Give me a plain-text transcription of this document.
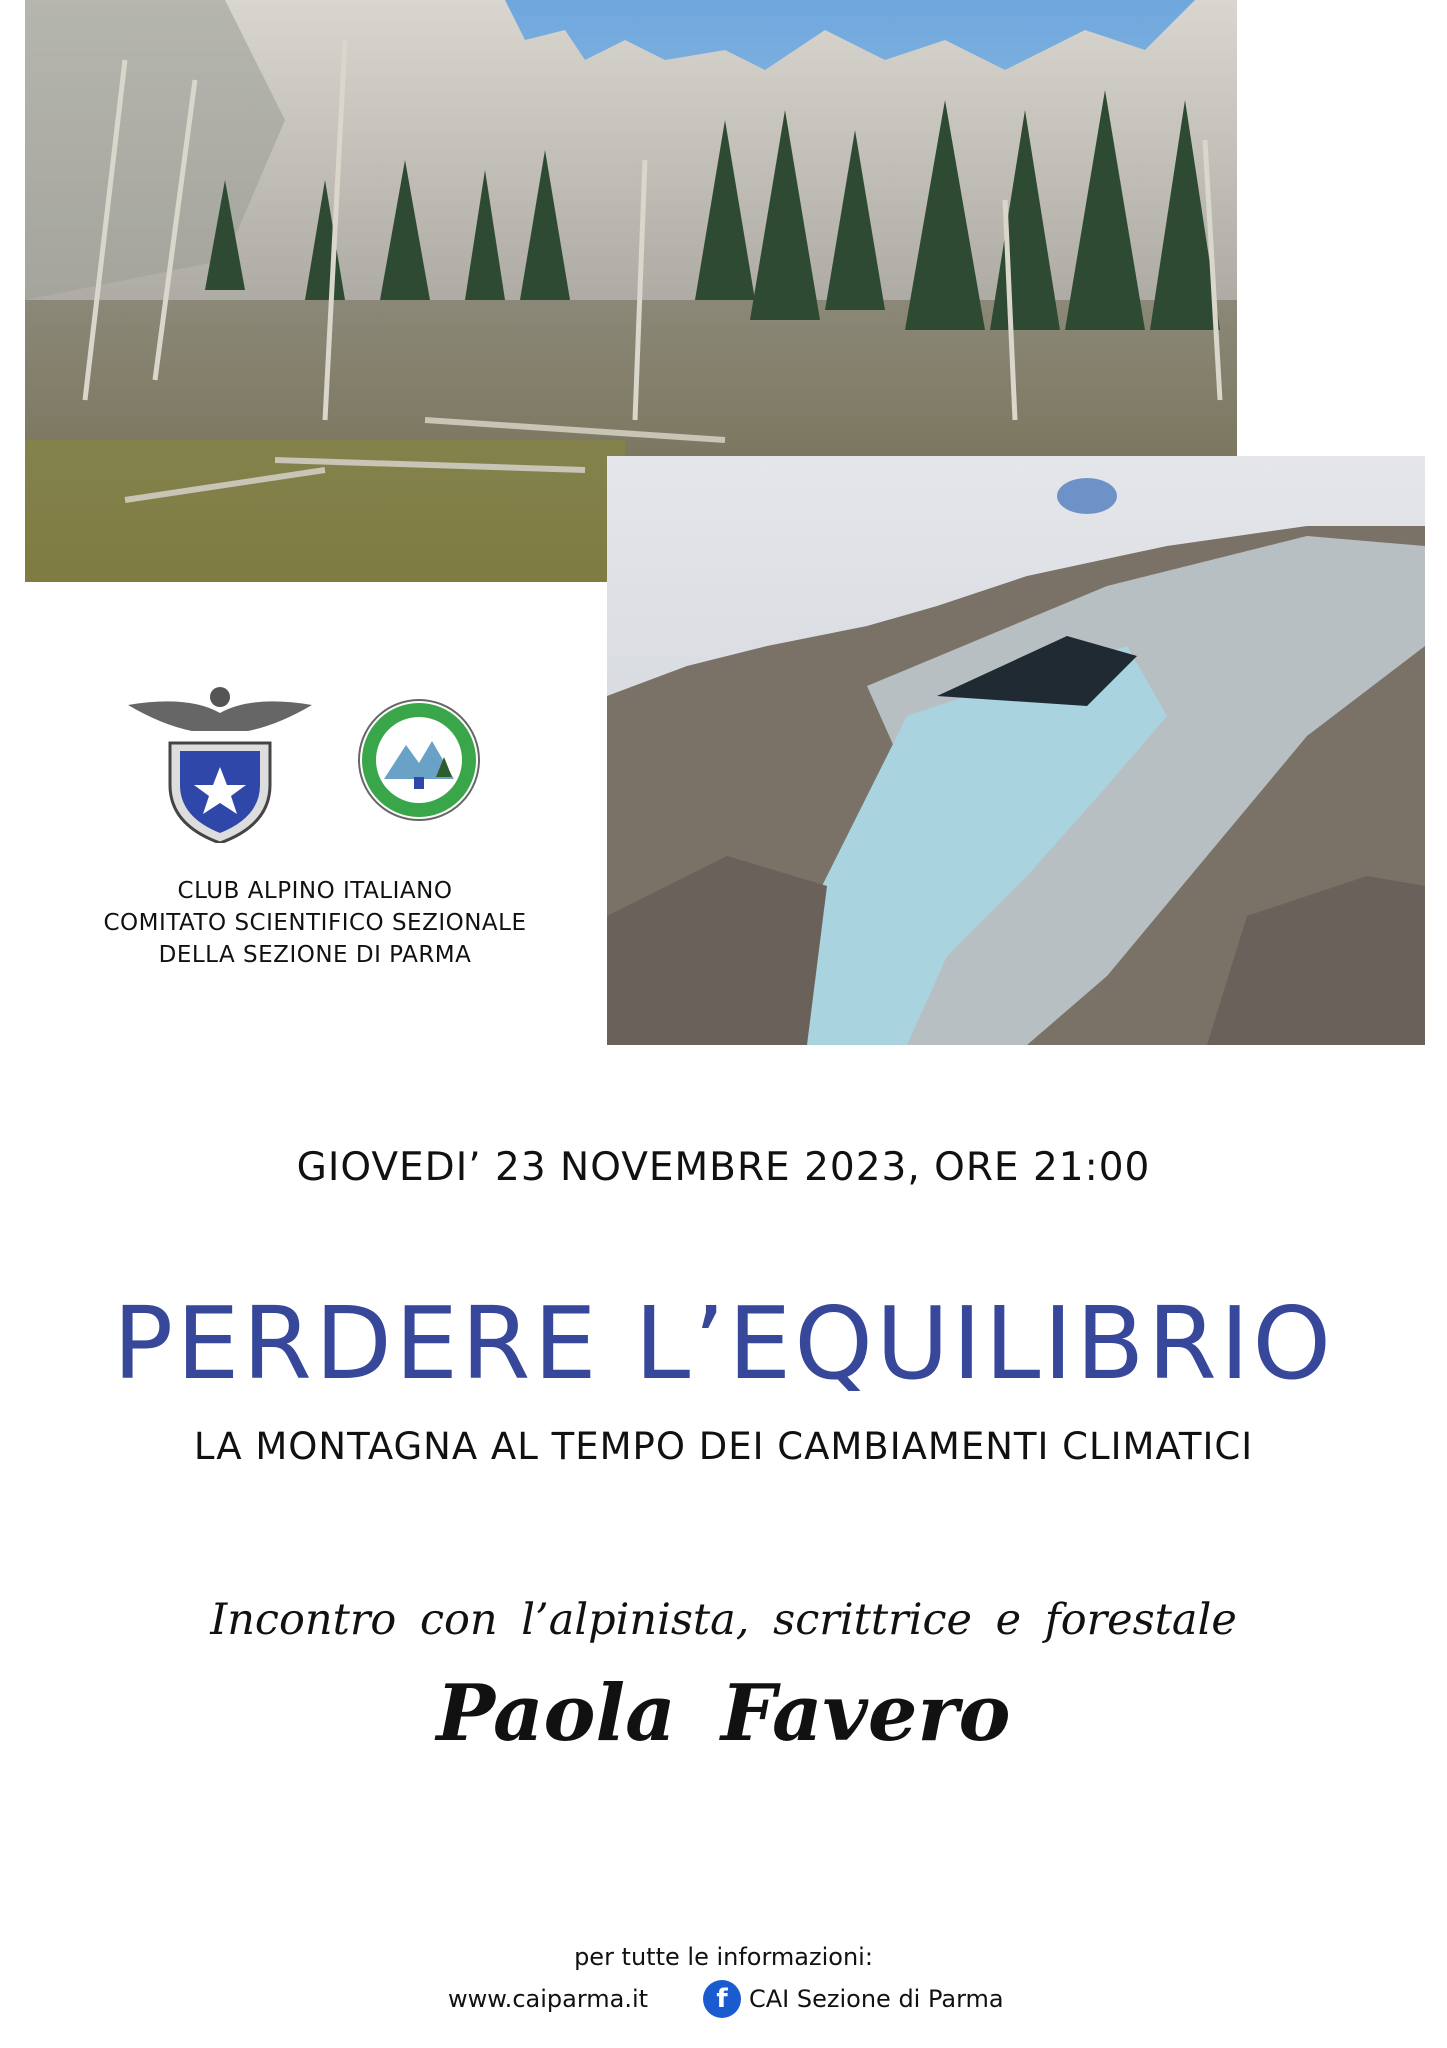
CLUB ALPINO ITALIANO
COMITATO SCIENTIFICO SEZIONALE
DELLA SEZIONE DI PARMA
GIOVEDI’ 23 NOVEMBRE 2023, ORE 21:00
PERDERE L’EQUILIBRIO
LA MONTAGNA AL TEMPO DEI CAMBIAMENTI CLIMATICI
Incontro con l’alpinista, scrittrice e forestale
Paola Favero
per tutte le informazioni:
www.caiparma.it	f CAI Sezione di Parma
